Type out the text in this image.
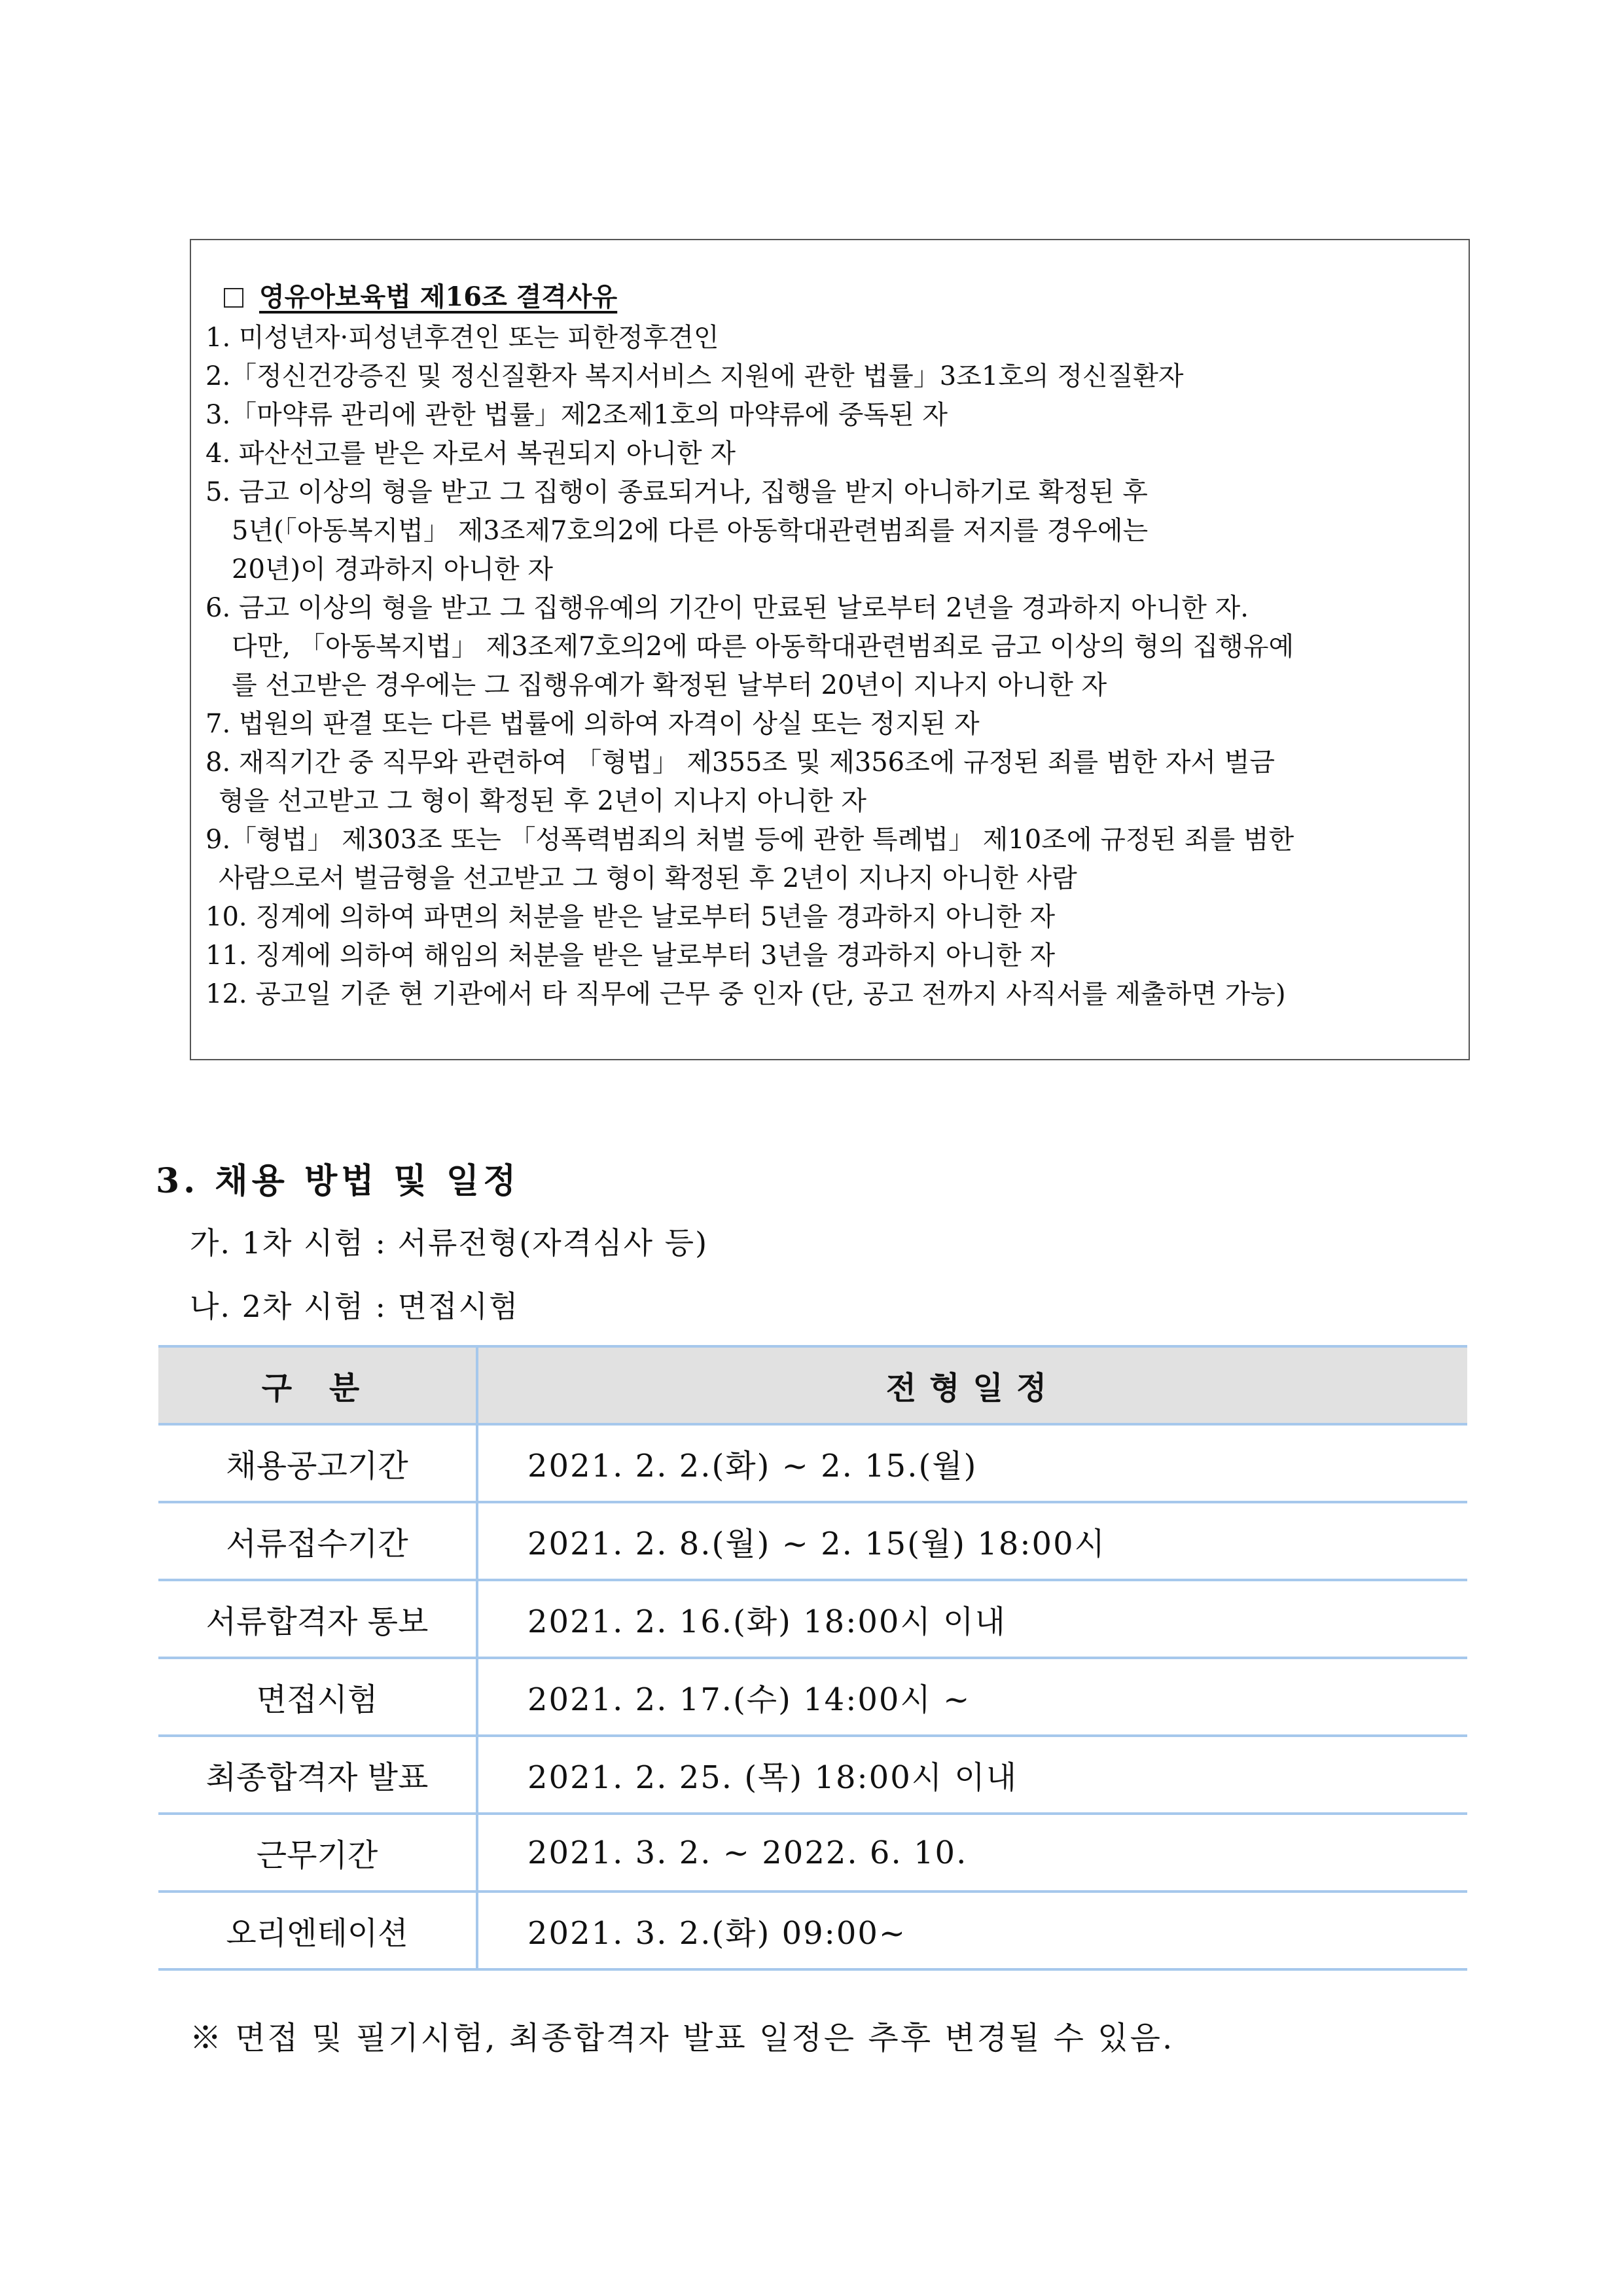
영유아보육법 제16조 결격사유
1. 미성년자·피성년후견인 또는 피한정후견인
2.「정신건강증진 및 정신질환자 복지서비스 지원에 관한 법률」3조1호의 정신질환자
3.「마약류 관리에 관한 법률」제2조제1호의 마약류에 중독된 자
4. 파산선고를 받은 자로서 복권되지 아니한 자
5. 금고 이상의 형을 받고 그 집행이 종료되거나, 집행을 받지 아니하기로 확정된 후
5년(「아동복지법」 제3조제7호의2에 다른 아동학대관련범죄를 저지를 경우에는
20년)이 경과하지 아니한 자
6. 금고 이상의 형을 받고 그 집행유예의 기간이 만료된 날로부터 2년을 경과하지 아니한 자.
다만, 「아동복지법」 제3조제7호의2에 따른 아동학대관련범죄로 금고 이상의 형의 집행유예
를 선고받은 경우에는 그 집행유예가 확정된 날부터 20년이 지나지 아니한 자
7. 법원의 판결 또는 다른 법률에 의하여 자격이 상실 또는 정지된 자
8. 재직기간 중 직무와 관련하여 「형법」 제355조 및 제356조에 규정된 죄를 범한 자서 벌금
형을 선고받고 그 형이 확정된 후 2년이 지나지 아니한 자
9.「형법」 제303조 또는 「성폭력범죄의 처벌 등에 관한 특례법」 제10조에 규정된 죄를 범한
사람으로서 벌금형을 선고받고 그 형이 확정된 후 2년이 지나지 아니한 사람
10. 징계에 의하여 파면의 처분을 받은 날로부터 5년을 경과하지 아니한 자
11. 징계에 의하여 해임의 처분을 받은 날로부터 3년을 경과하지 아니한 자
12. 공고일 기준 현 기관에서 타 직무에 근무 중 인자 (단, 공고 전까지 사직서를 제출하면 가능)
3. 채용 방법 및 일정
가. 1차 시험 : 서류전형(자격심사 등)
나. 2차 시험 : 면접시험
구 분	전형일정
채용공고기간	2021. 2. 2.(화) ~ 2. 15.(월)
서류접수기간	2021. 2. 8.(월) ~ 2. 15(월) 18:00시
서류합격자 통보	2021. 2. 16.(화) 18:00시 이내
면접시험	2021. 2. 17.(수) 14:00시 ~
최종합격자 발표	2021. 2. 25. (목) 18:00시 이내
근무기간	2021. 3. 2. ~ 2022. 6. 10.
오리엔테이션	2021. 3. 2.(화) 09:00~
※ 면접 및 필기시험, 최종합격자 발표 일정은 추후 변경될 수 있음.
